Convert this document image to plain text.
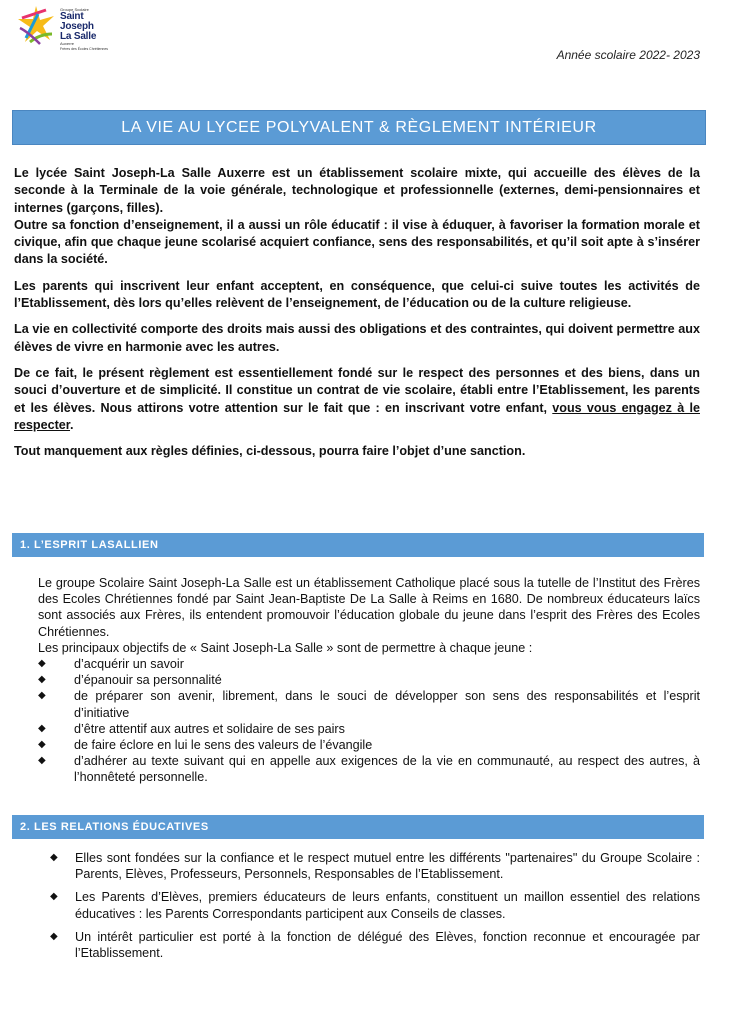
Groupe Scolaire
Saint Joseph
La Salle
Auxerre
Frères des Écoles Chrétiennes	Année scolaire 2022- 2023
LA VIE AU LYCEE POLYVALENT & RÈGLEMENT INTÉRIEUR

Le lycée Saint Joseph-La Salle Auxerre est un établissement scolaire mixte, qui accueille des élèves de la seconde à la Terminale de la voie générale, technologique et professionnelle (externes, demi-pensionnaires et internes (garçons, filles).

Outre sa fonction d’enseignement, il a aussi un rôle éducatif : il vise à éduquer, à favoriser la formation morale et civique, afin que chaque jeune scolarisé acquiert confiance, sens des responsabilités, et qu’il soit apte à s’insérer dans la société.

Les parents qui inscrivent leur enfant acceptent, en conséquence, que celui-ci suive toutes les activités de l’Etablissement, dès lors qu’elles relèvent de l’enseignement, de l’éducation ou de la culture religieuse.

La vie en collectivité comporte des droits mais aussi des obligations et des contraintes, qui doivent permettre aux élèves de vivre en harmonie avec les autres.

De ce fait, le présent règlement est essentiellement fondé sur le respect des personnes et des biens, dans un souci d’ouverture et de simplicité. Il constitue un contrat de vie scolaire, établi entre l’Etablissement, les parents et les élèves. Nous attirons votre attention sur le fait que : en inscrivant votre enfant, vous vous engagez à le respecter.

Tout manquement aux règles définies, ci-dessous, pourra faire l’objet d’une sanction.

1. L’ESPRIT LASALLIEN

Le groupe Scolaire Saint Joseph-La Salle est un établissement Catholique placé sous la tutelle de l’Institut des Frères des Ecoles Chrétiennes fondé par Saint Jean-Baptiste De La Salle à Reims en 1680. De nombreux éducateurs laïcs sont associés aux Frères, ils entendent promouvoir l’éducation globale du jeune dans l’esprit des Frères des Ecoles Chrétiennes.

Les principaux objectifs de « Saint Joseph-La Salle » sont de permettre à chaque jeune :

◆ d’acquérir un savoir
◆ d’épanouir sa personnalité
◆ de préparer son avenir, librement, dans le souci de développer son sens des responsabilités et l’esprit d’initiative
◆ d’être attentif aux autres et solidaire de ses pairs
◆ de faire éclore en lui le sens des valeurs de l’évangile
◆ d’adhérer au texte suivant qui en appelle aux exigences de la vie en communauté, au respect des autres, à l’honnêteté personnelle.
2. LES RELATIONS ÉDUCATIVES
◆ Elles sont fondées sur la confiance et le respect mutuel entre les différents "partenaires" du Groupe Scolaire : Parents, Elèves, Professeurs, Personnels, Responsables de l’Etablissement.
◆ Les Parents d’Elèves, premiers éducateurs de leurs enfants, constituent un maillon essentiel des relations éducatives : les Parents Correspondants participent aux Conseils de classes.
◆ Un intérêt particulier est porté à la fonction de délégué des Elèves, fonction reconnue et encouragée par l’Etablissement.
